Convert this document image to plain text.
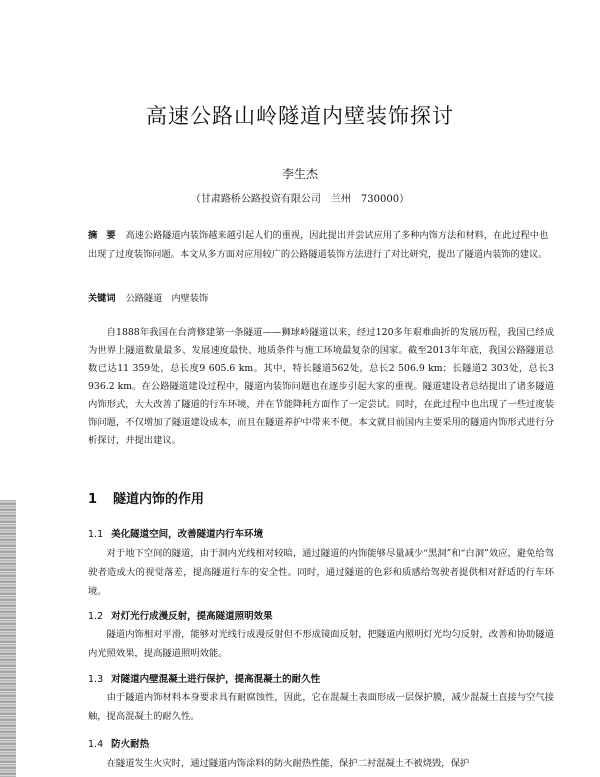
高速公路山岭隧道内壁装饰探讨
李生杰
（甘肃路桥公路投资有限公司　兰州　730000）
摘　要 高速公路隧道内装饰越来越引起人们的重视，因此提出并尝试应用了多种内饰方法和材料，在此过程中也出现了过度装饰问题。本文从多方面对应用较广的公路隧道装饰方法进行了对比研究，提出了隧道内装饰的建议。
关键词 公路隧道　内壁装饰
自1888年我国在台湾修建第一条隧道——狮球岭隧道以来，经过120多年艰难曲折的发展历程，我国已经成为世界上隧道数量最多、发展速度最快、地质条件与施工环境最复杂的国家。截至2013年年底，我国公路隧道总数已达11 359处，总长度9 605.6 km。其中，特长隧道562处，总长2 506.9 km；长隧道2 303处，总长3 936.2 km。在公路隧道建设过程中，隧道内装饰问题也在逐步引起大家的重视。隧道建设者总结提出了诸多隧道内饰形式，大大改善了隧道的行车环境，并在节能降耗方面作了一定尝试。同时，在此过程中也出现了一些过度装饰问题，不仅增加了隧道建设成本，而且在隧道养护中带来不便。本文就目前国内主要采用的隧道内饰形式进行分析探讨，并提出建议。
1 隧道内饰的作用
1.1 美化隧道空间，改善隧道内行车环境
对于地下空间的隧道，由于洞内光线相对较暗，通过隧道的内饰能够尽量减少“黑洞”和“白洞”效应，避免给驾驶者造成大的视觉落差，提高隧道行车的安全性。同时，通过隧道的色彩和质感给驾驶者提供相对舒适的行车环境。
1.2 对灯光行成漫反射，提高隧道照明效果
隧道内饰相对平滑，能够对光线行成漫反射但不形成镜面反射，把隧道内照明灯光均匀反射，改善和协助隧道内光照效果，提高隧道照明效能。
1.3 对隧道内壁混凝土进行保护，提高混凝土的耐久性
由于隧道内饰材料本身要求具有耐腐蚀性，因此，它在混凝土表面形成一层保护膜，减少混凝土直接与空气接触，提高混凝土的耐久性。
1.4 防火耐热
在隧道发生火灾时，通过隧道内饰涂料的防火耐热性能，保护二衬混凝土不被烧毁，保护
